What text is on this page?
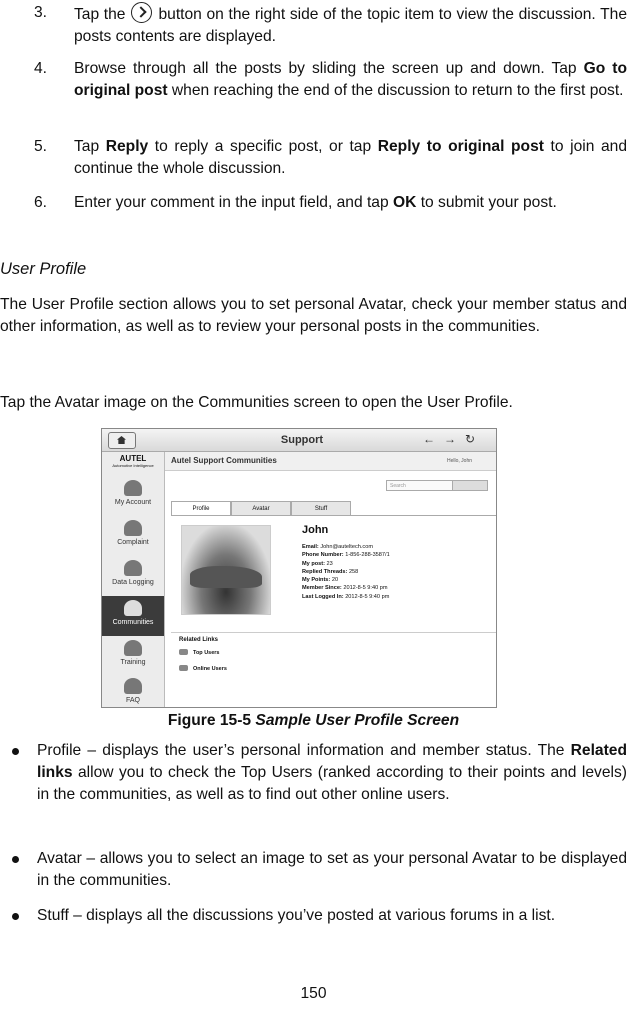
3. Tap the button on the right side of the topic item to view the discussion. The posts contents are displayed.
4. Browse through all the posts by sliding the screen up and down. Tap Go to original post when reaching the end of the discussion to return to the first post.
5. Tap Reply to reply a specific post, or tap Reply to original post to join and continue the whole discussion.
6. Enter your comment in the input field, and tap OK to submit your post.
User Profile
The User Profile section allows you to set personal Avatar, check your member status and other information, as well as to review your personal posts in the communities.
Tap the Avatar image on the Communities screen to open the User Profile.
Support	←→↻
AUTEL
Automotive Intelligence
My Account
Complaint
Data Logging
Communities
Training
FAQ
Autel Support Communities	Hello, John
Search
Profile	Avatar	Stuff
John
Email: John@auteltech.com
Phone Number: 1-856-288-3587/1
My post: 23
Replied Threads: 258
My Points: 20
Member Since: 2012-8-5 9:40 pm
Last Logged In: 2012-8-5 9:40 pm
Related Links
Top Users
Online Users
Figure 15-5 Sample User Profile Screen
Profile – displays the user’s personal information and member status. The Related links allow you to check the Top Users (ranked according to their points and levels) in the communities, as well as to find out other online users.
Avatar – allows you to select an image to set as your personal Avatar to be displayed in the communities.
Stuff – displays all the discussions you’ve posted at various forums in a list.
150
